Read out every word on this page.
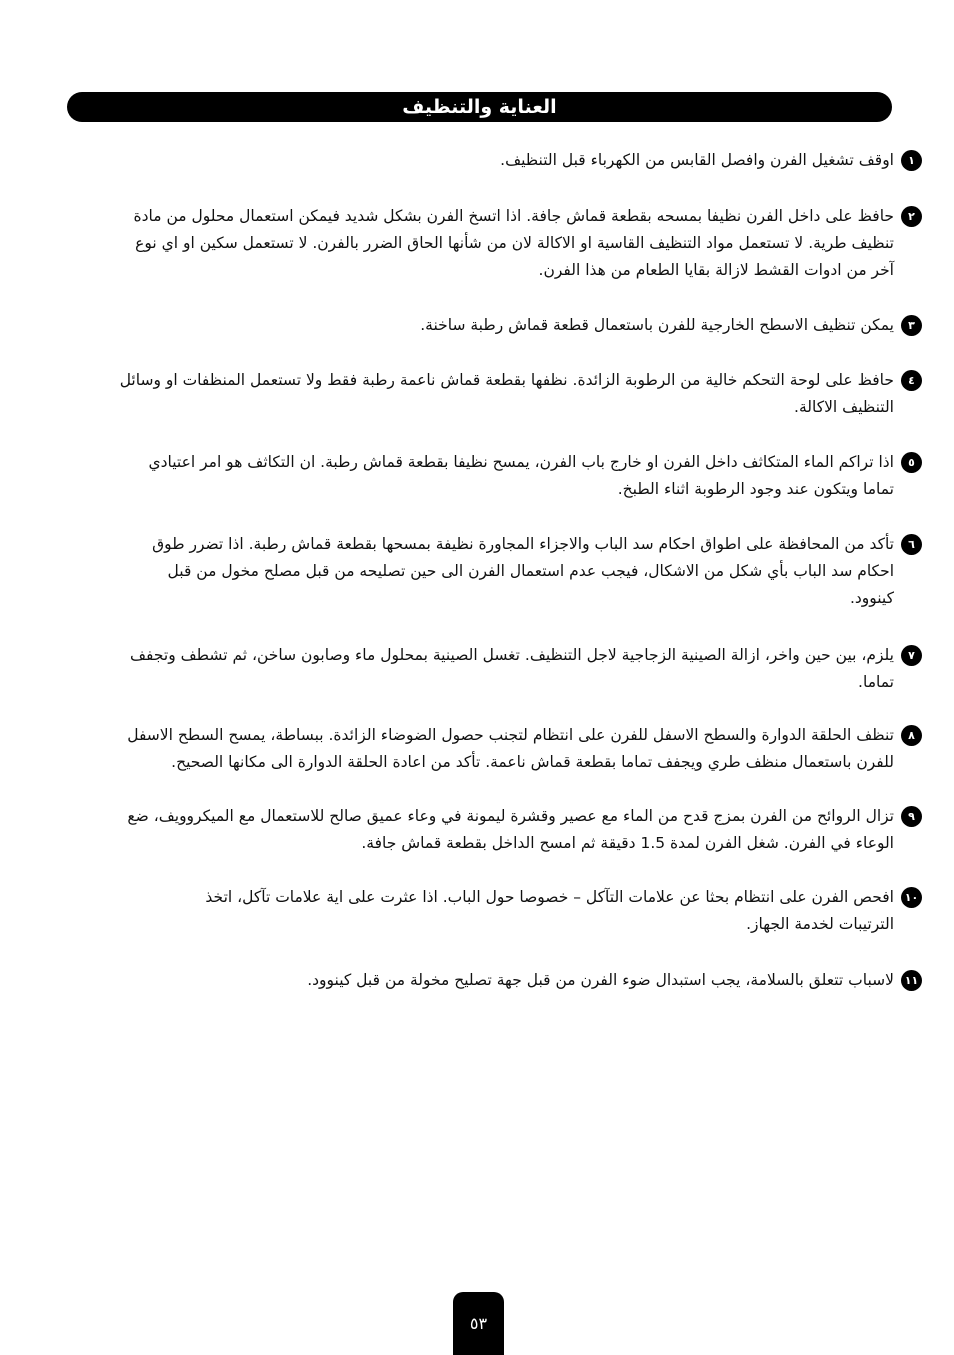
العناية والتنظيف
١
اوقف تشغيل الفرن وافصل القابس من الكهرباء قبل التنظيف.
٢
حافظ على داخل الفرن نظيفا بمسحه بقطعة قماش جافة. اذا اتسخ الفرن بشكل شديد فيمكن استعمال محلول من مادة تنظيف طرية. لا تستعمل مواد التنظيف القاسية او الاكالة لان من شأنها الحاق الضرر بالفرن. لا تستعمل سكين او اي نوع آخر من ادوات القشط لازالة بقايا الطعام من هذا الفرن.
٣
يمكن تنظيف الاسطح الخارجية للفرن باستعمال قطعة قماش رطبة ساخنة.
٤
حافظ على لوحة التحكم خالية من الرطوبة الزائدة. نظفها بقطعة قماش ناعمة رطبة فقط ولا تستعمل المنظفات او وسائل التنظيف الاكالة.
٥
اذا تراكم الماء المتكاثف داخل الفرن او خارج باب الفرن، يمسح نظيفا بقطعة قماش رطبة. ان التكاثف هو امر اعتيادي تماما ويتكون عند وجود الرطوبة اثناء الطبخ.
٦
تأكد من المحافظة على اطواق احكام سد الباب والاجزاء المجاورة نظيفة بمسحها بقطعة قماش رطبة. اذا تضرر طوق احكام سد الباب بأي شكل من الاشكال، فيجب عدم استعمال الفرن الى حين تصليحه من قبل مصلح مخول من قبل كينوود.
٧
يلزم، بين حين واخر، ازالة الصينية الزجاجية لاجل التنظيف. تغسل الصينية بمحلول ماء وصابون ساخن، ثم تشطف وتجفف تماما.
٨
تنظف الحلقة الدوارة والسطح الاسفل للفرن على انتظام لتجنب حصول الضوضاء الزائدة. ببساطة، يمسح السطح الاسفل للفرن باستعمال منظف طري ويجفف تماما بقطعة قماش ناعمة. تأكد من اعادة الحلقة الدوارة الى مكانها الصحيح.
٩
تزال الروائح من الفرن بمزج قدح من الماء مع عصير وقشرة ليمونة في وعاء عميق صالح للاستعمال مع الميكروويف، ضع الوعاء في الفرن. شغل الفرن لمدة 1.5 دقيقة ثم امسح الداخل بقطعة قماش جافة.
١٠
افحص الفرن على انتظام بحثا عن علامات التآكل – خصوصا حول الباب. اذا عثرت على اية علامات تآكل، اتخذ الترتيبات لخدمة الجهاز.
١١
لاسباب تتعلق بالسلامة، يجب استبدال ضوء الفرن من قبل جهة تصليح مخولة من قبل كينوود.
٥٣
